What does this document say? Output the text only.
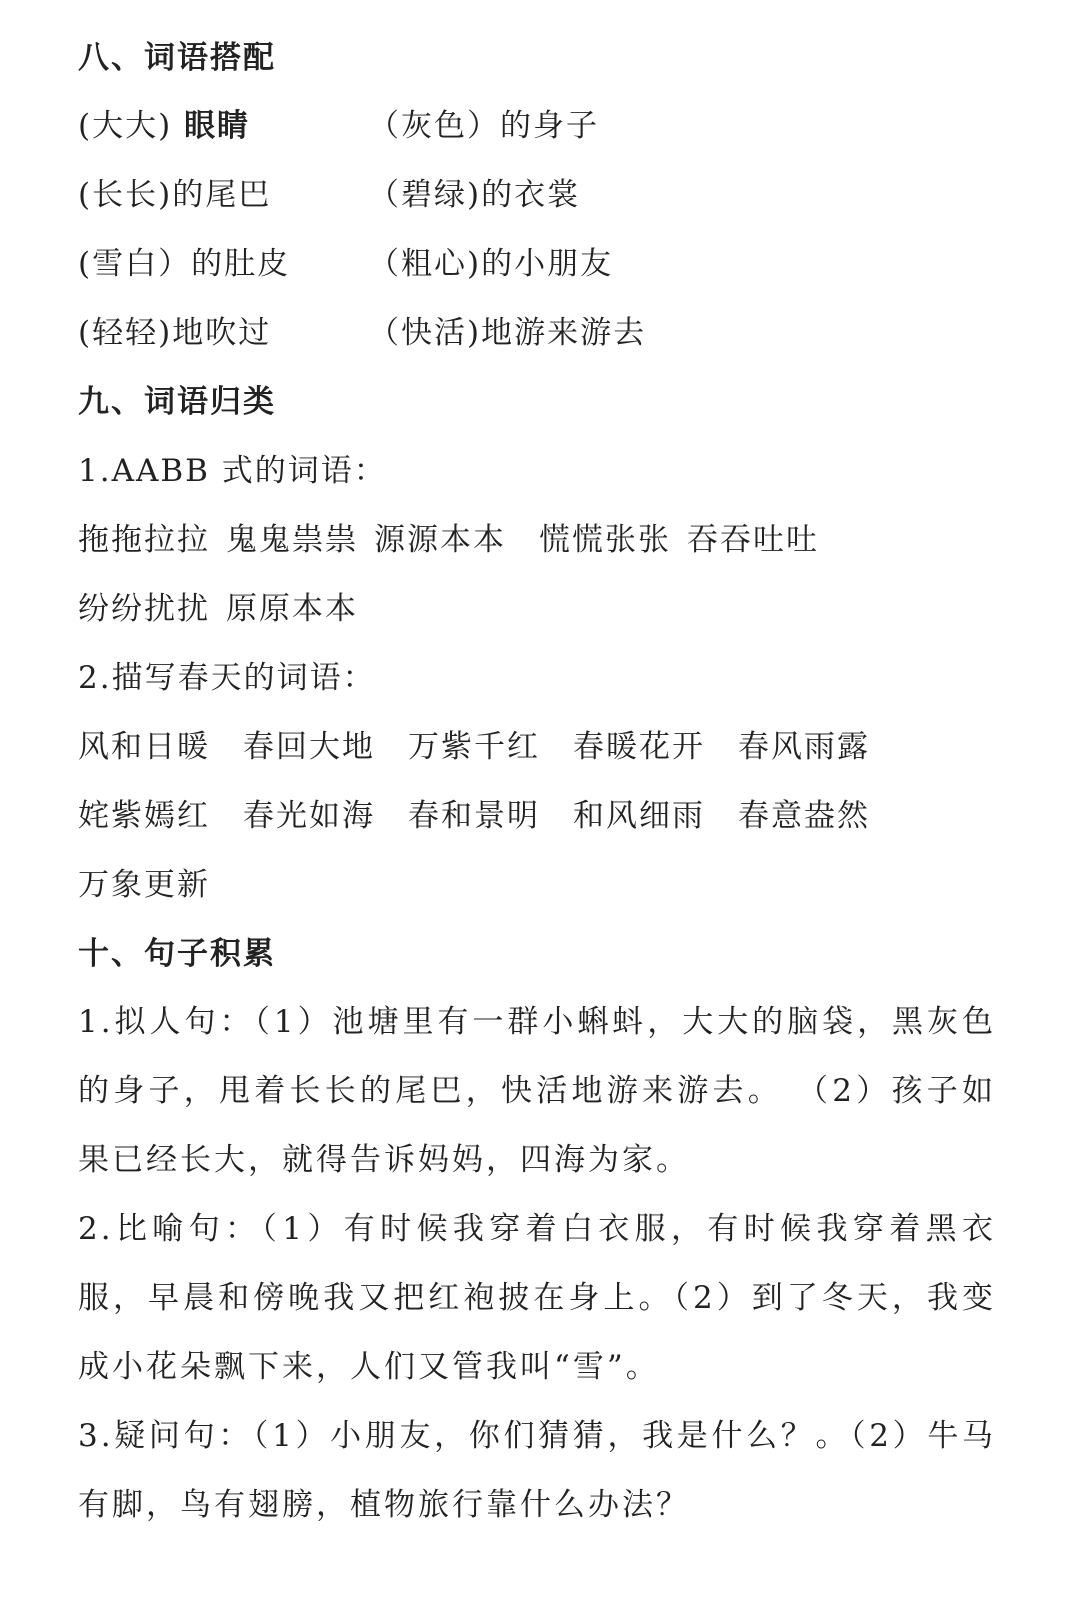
八、词语搭配
(大大) 眼睛	（灰色）的身子
(长长)的尾巴	（碧绿)的衣裳
(雪白）的肚皮	（粗心)的小朋友
(轻轻)地吹过	（快活)地游来游去
九、词语归类
1.AABB 式的词语：
拖拖拉拉 鬼鬼祟祟 源源本本 慌慌张张 吞吞吐吐
纷纷扰扰 原原本本
2.描写春天的词语：
风和日暖 春回大地 万紫千红 春暖花开 春风雨露
姹紫嫣红 春光如海 春和景明 和风细雨 春意盎然
万象更新
十、句子积累
1.拟人句：（1）池塘里有一群小蝌蚪，大大的脑袋，黑灰色的身子，甩着长长的尾巴，快活地游来游去。 （2）孩子如果已经长大，就得告诉妈妈，四海为家。
2.比喻句：（1）有时候我穿着白衣服，有时候我穿着黑衣服，早晨和傍晚我又把红袍披在身上。（2）到了冬天，我变成小花朵飘下来，人们又管我叫“雪”。
3.疑问句：（1）小朋友，你们猜猜，我是什么？。（2）牛马有脚，鸟有翅膀，植物旅行靠什么办法？
